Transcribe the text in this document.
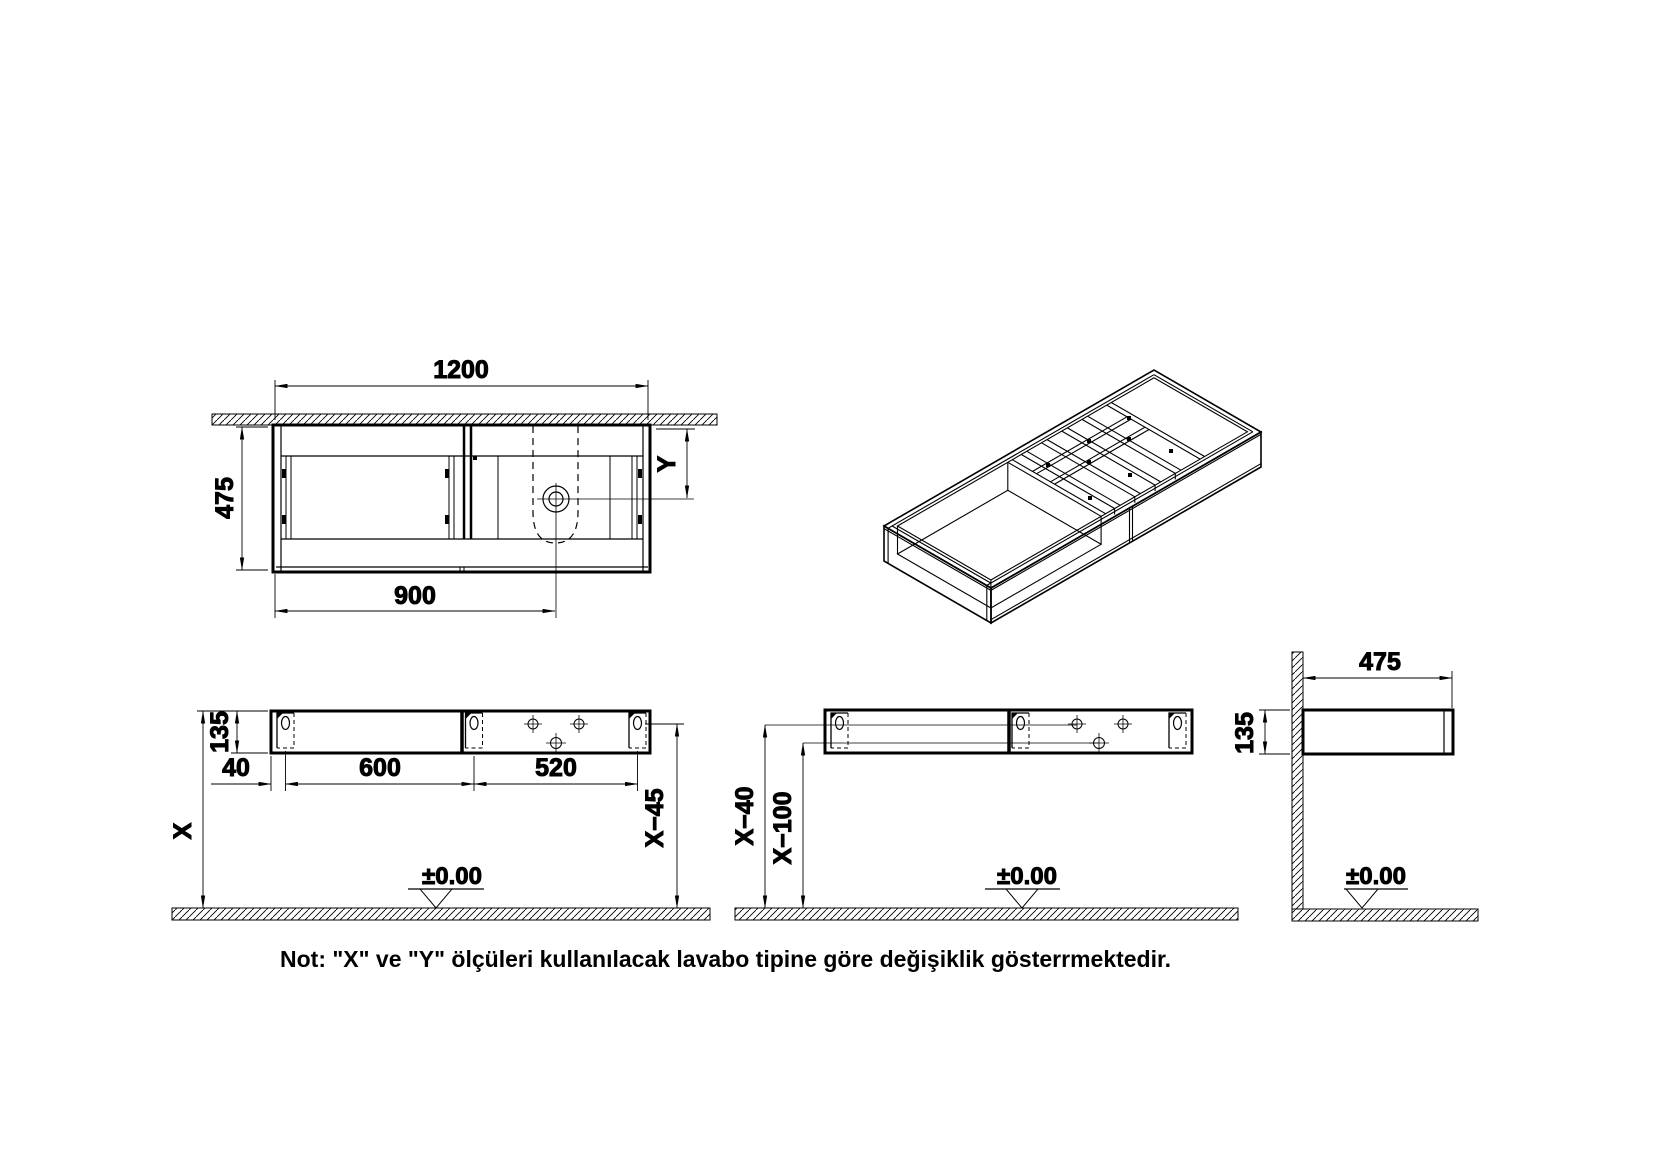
1200
475
900
Y
135
X
40	600	520
X−45
±0.00
X−40 X−100
±0.00
475
135
±0.00
Not: "X" ve "Y" ölçüleri kullanılacak lavabo tipine göre değişiklik gösterrmektedir.
